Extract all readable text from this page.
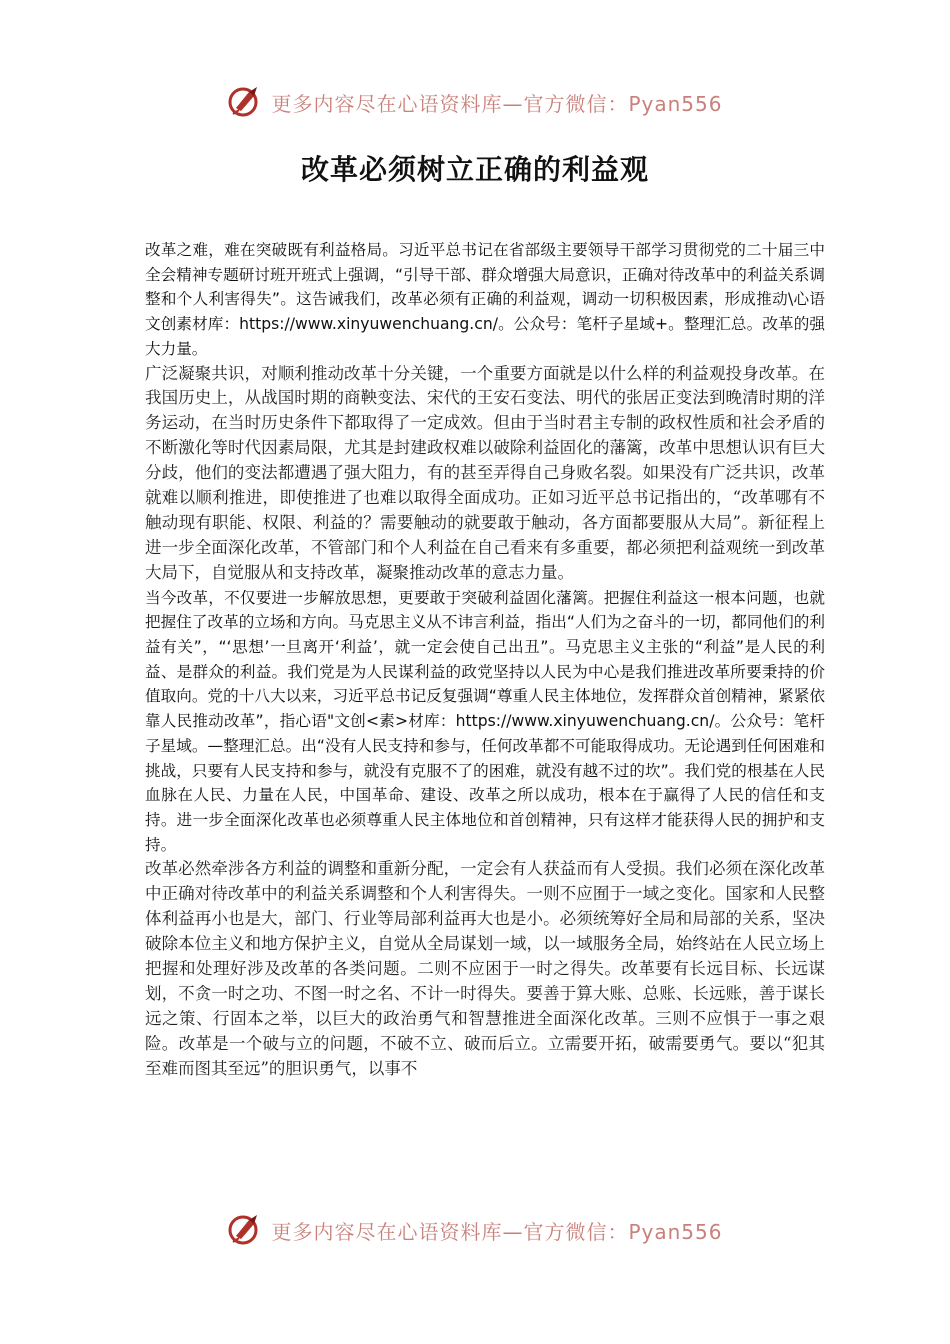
更多内容尽在心语资料库—官方微信：Pyan556
改革必须树立正确的利益观

改革之难，难在突破既有利益格局。习近平总书记在省部级主要领导干部学习贯彻党的二十届三中全会精神专题研讨班开班式上强调，“引导干部、群众增强大局意识，正确对待改革中的利益关系调整和个人利害得失”。这告诫我们，改革必须有正确的利益观，调动一切积极因素，形成推动\心语文创素材库：https://www.xinyuwenchuang.cn/。公众号：笔杆子星域+。整理汇总。改革的强大力量。

广泛凝聚共识，对顺利推动改革十分关键，一个重要方面就是以什么样的利益观投身改革。在我国历史上，从战国时期的商鞅变法、宋代的王安石变法、明代的张居正变法到晚清时期的洋务运动，在当时历史条件下都取得了一定成效。但由于当时君主专制的政权性质和社会矛盾的不断激化等时代因素局限，尤其是封建政权难以破除利益固化的藩篱，改革中思想认识有巨大分歧，他们的变法都遭遇了强大阻力，有的甚至弄得自己身败名裂。如果没有广泛共识，改革就难以顺利推进，即使推进了也难以取得全面成功。正如习近平总书记指出的，“改革哪有不触动现有职能、权限、利益的？需要触动的就要敢于触动，各方面都要服从大局”。新征程上进一步全面深化改革，不管部门和个人利益在自己看来有多重要，都必须把利益观统一到改革大局下，自觉服从和支持改革，凝聚推动改革的意志力量。

当今改革，不仅要进一步解放思想，更要敢于突破利益固化藩篱。把握住利益这一根本问题，也就把握住了改革的立场和方向。马克思主义从不讳言利益，指出“人们为之奋斗的一切，都同他们的利益有关”，“‘思想’一旦离开‘利益’，就一定会使自己出丑”。马克思主义主张的“利益”是人民的利益、是群众的利益。我们党是为人民谋利益的政党坚持以人民为中心是我们推进改革所要秉持的价值取向。党的十八大以来，习近平总书记反复强调“尊重人民主体地位，发挥群众首创精神，紧紧依靠人民推动改革”，指心语"文创<素>材库：https://www.xinyuwenchuang.cn/。公众号：笔杆子星域。—整理汇总。出“没有人民支持和参与，任何改革都不可能取得成功。无论遇到任何困难和挑战，只要有人民支持和参与，就没有克服不了的困难，就没有越不过的坎”。我们党的根基在人民血脉在人民、力量在人民，中国革命、建设、改革之所以成功，根本在于赢得了人民的信任和支持。进一步全面深化改革也必须尊重人民主体地位和首创精神，只有这样才能获得人民的拥护和支持。

改革必然牵涉各方利益的调整和重新分配，一定会有人获益而有人受损。我们必须在深化改革中正确对待改革中的利益关系调整和个人利害得失。一则不应囿于一域之变化。国家和人民整体利益再小也是大，部门、行业等局部利益再大也是小。必须统筹好全局和局部的关系，坚决破除本位主义和地方保护主义，自觉从全局谋划一域，以一域服务全局，始终站在人民立场上把握和处理好涉及改革的各类问题。二则不应困于一时之得失。改革要有长远目标、长远谋划，不贪一时之功、不图一时之名、不计一时得失。要善于算大账、总账、长远账，善于谋长远之策、行固本之举，以巨大的政治勇气和智慧推进全面深化改革。三则不应惧于一事之艰险。改革是一个破与立的问题，不破不立、破而后立。立需要开拓，破需要勇气。要以“犯其至难而图其至远”的胆识勇气，以事不

更多内容尽在心语资料库—官方微信：Pyan556
